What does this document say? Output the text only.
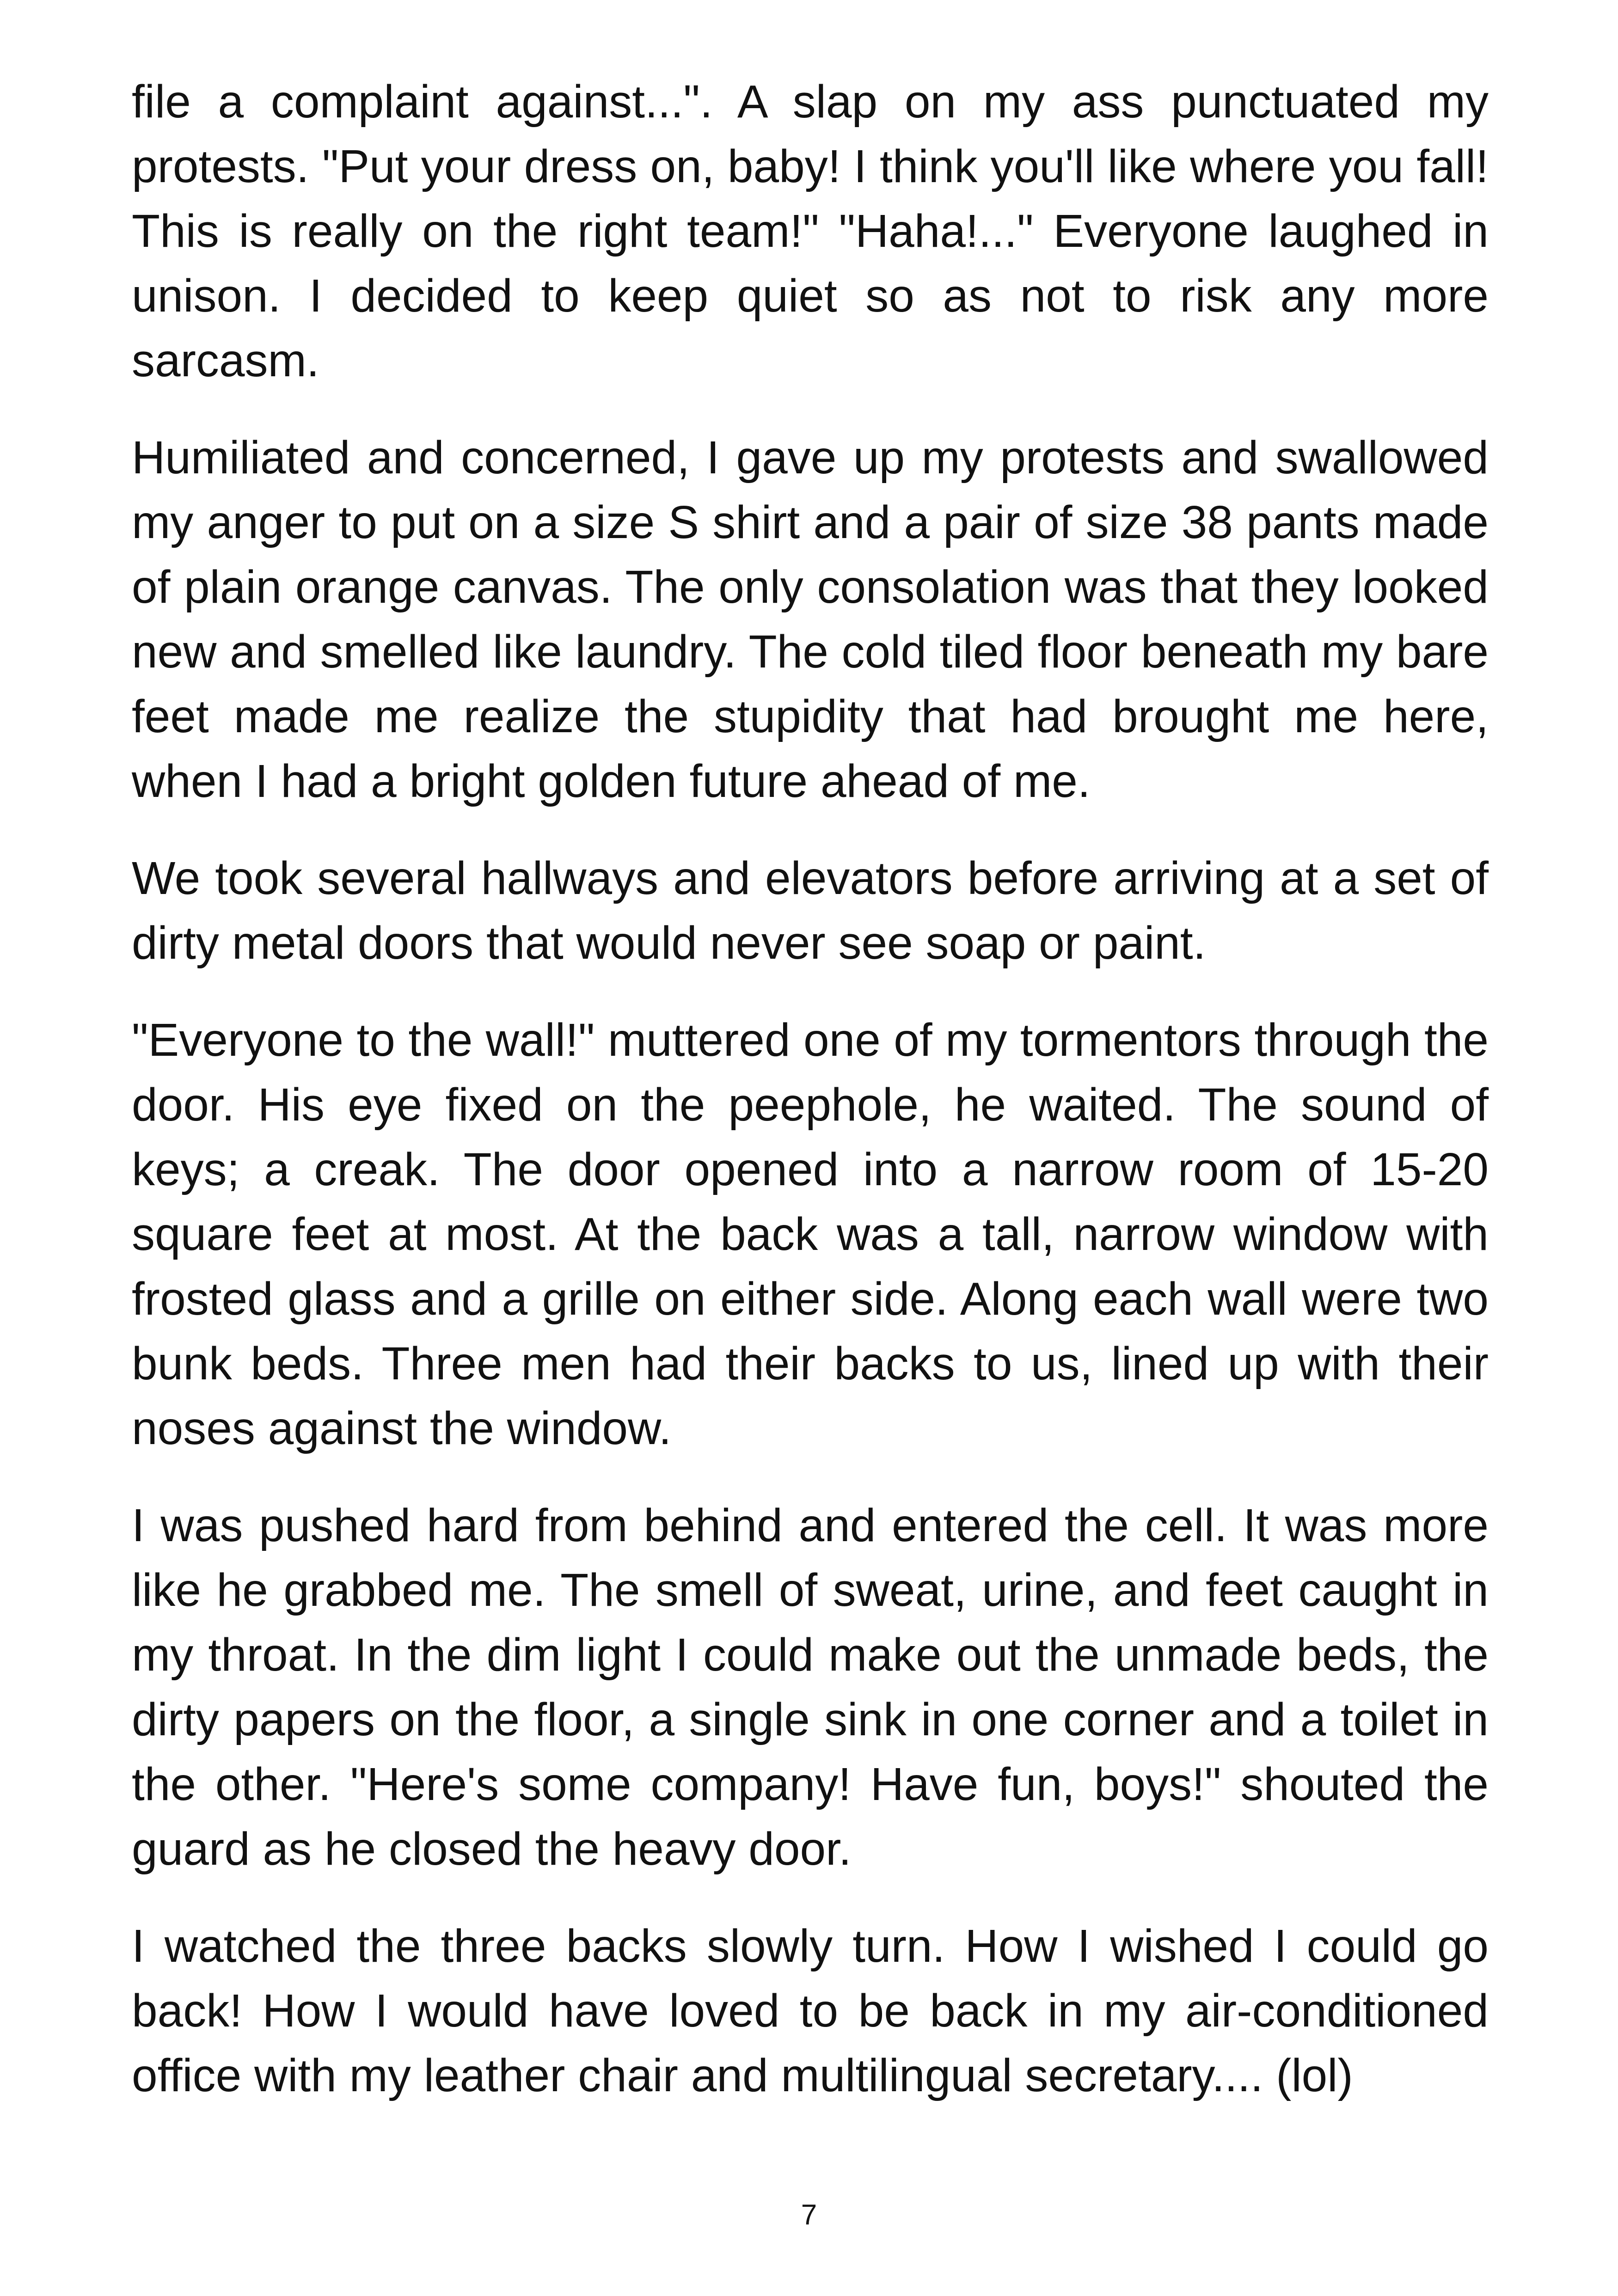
file a complaint against...". A slap on my ass punctuated my protests. "Put your dress on, baby! I think you'll like where you fall! This is really on the right team!" "Haha!..." Everyone laughed in unison. I decided to keep quiet so as not to risk any more sarcasm.

Humiliated and concerned, I gave up my protests and swallowed my anger to put on a size S shirt and a pair of size 38 pants made of plain orange canvas. The only consolation was that they looked new and smelled like laundry. The cold tiled floor beneath my bare feet made me realize the stupidity that had brought me here, when I had a bright golden future ahead of me.

We took several hallways and elevators before arriving at a set of dirty metal doors that would never see soap or paint.

"Everyone to the wall!" muttered one of my tormentors through the door. His eye fixed on the peephole, he waited. The sound of keys; a creak. The door opened into a narrow room of 15-20 square feet at most. At the back was a tall, narrow window with frosted glass and a grille on either side. Along each wall were two bunk beds. Three men had their backs to us, lined up with their noses against the window.

I was pushed hard from behind and entered the cell. It was more like he grabbed me. The smell of sweat, urine, and feet caught in my throat. In the dim light I could make out the unmade beds, the dirty papers on the floor, a single sink in one corner and a toilet in the other. "Here's some company! Have fun, boys!" shouted the guard as he closed the heavy door.

I watched the three backs slowly turn. How I wished I could go back! How I would have loved to be back in my air-conditioned office with my leather chair and multilingual secretary.... (lol)

7
